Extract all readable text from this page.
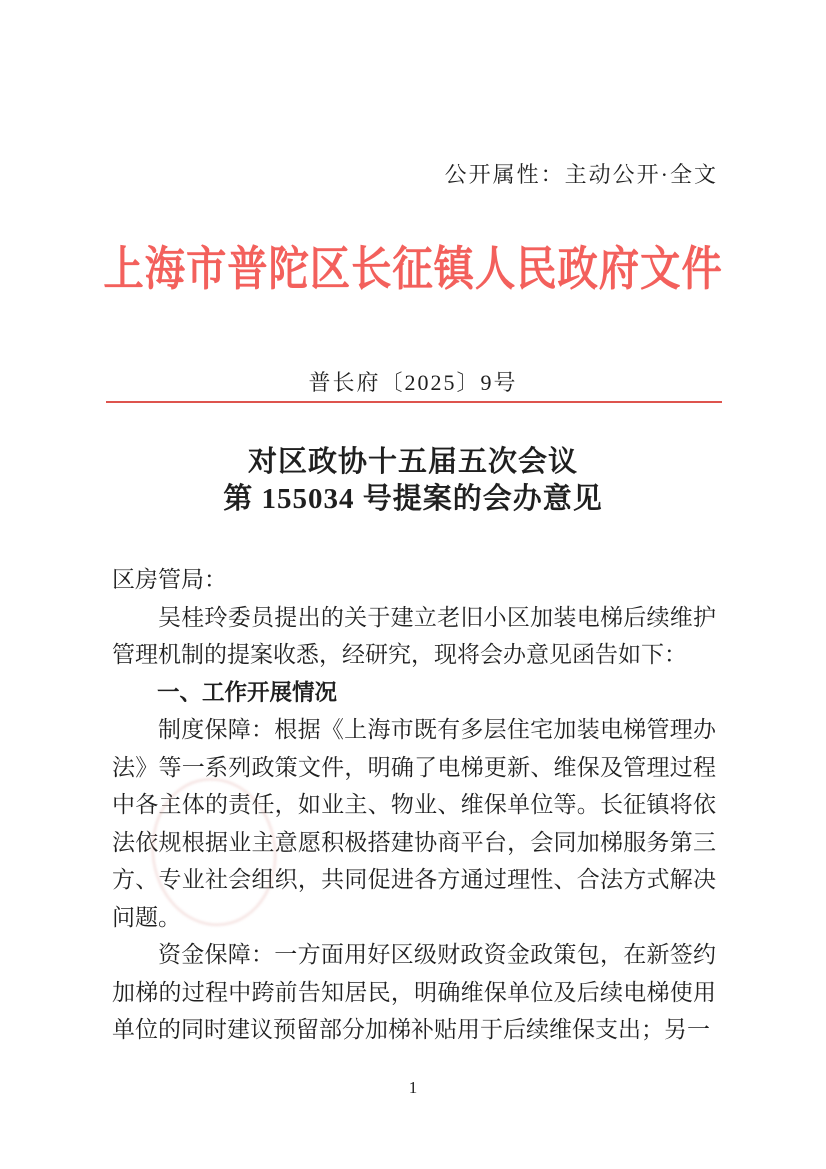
公开属性：主动公开·全文
上海市普陀区长征镇人民政府文件
普长府〔2025〕9号
对区政协十五届五次会议
第 155034 号提案的会办意见

区房管局：

吴桂玲委员提出的关于建立老旧小区加装电梯后续维护管理机制的提案收悉，经研究，现将会办意见函告如下：

一、工作开展情况

制度保障：根据《上海市既有多层住宅加装电梯管理办法》等一系列政策文件，明确了电梯更新、维保及管理过程中各主体的责任，如业主、物业、维保单位等。长征镇将依法依规根据业主意愿积极搭建协商平台，会同加梯服务第三方、专业社会组织，共同促进各方通过理性、合法方式解决问题。

资金保障：一方面用好区级财政资金政策包，在新签约加梯的过程中跨前告知居民，明确维保单位及后续电梯使用单位的同时建议预留部分加梯补贴用于后续维保支出；另一

1
